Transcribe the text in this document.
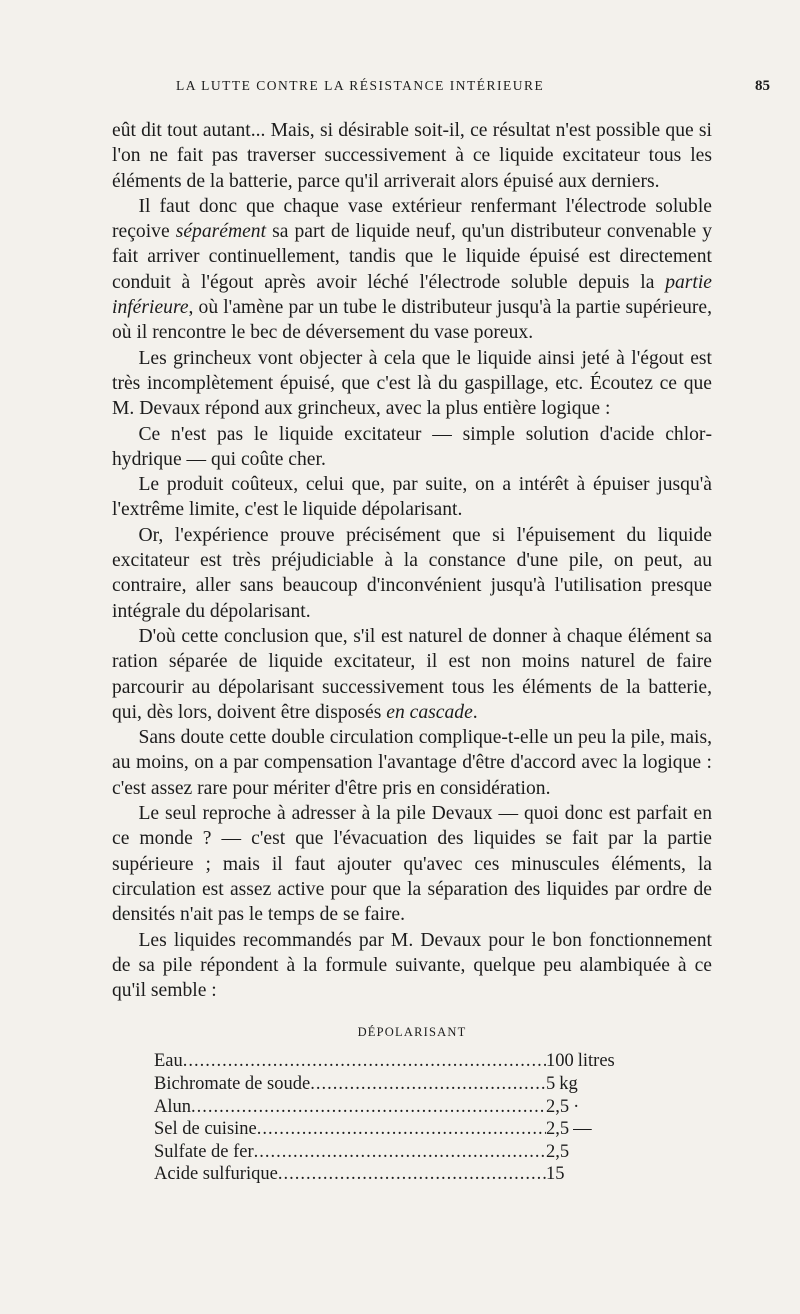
LA LUTTE CONTRE LA RÉSISTANCE INTÉRIEURE	85

eût dit tout autant... Mais, si désirable soit-il, ce résultat n'est possible que si l'on ne fait pas traverser successivement à ce liquide excitateur tous les éléments de la batterie, parce qu'il arriverait alors épuisé aux derniers.

Il faut donc que chaque vase extérieur renfermant l'électrode soluble reçoive séparément sa part de liquide neuf, qu'un distributeur convenable y fait arriver continuellement, tandis que le liquide épuisé est directement conduit à l'égout après avoir léché l'électrode soluble depuis la partie inférieure, où l'amène par un tube le distributeur jusqu'à la partie supérieure, où il rencontre le bec de déversement du vase poreux.

Les grincheux vont objecter à cela que le liquide ainsi jeté à l'égout est très incomplètement épuisé, que c'est là du gaspillage, etc. Écoutez ce que M. Devaux répond aux grincheux, avec la plus entière logique :

Ce n'est pas le liquide excitateur — simple solution d'acide chlorhydrique — qui coûte cher.

Le produit coûteux, celui que, par suite, on a intérêt à épuiser jusqu'à l'extrême limite, c'est le liquide dépolarisant.

Or, l'expérience prouve précisément que si l'épuisement du liquide excitateur est très préjudiciable à la constance d'une pile, on peut, au contraire, aller sans beaucoup d'inconvénient jusqu'à l'utilisation presque intégrale du dépolarisant.

D'où cette conclusion que, s'il est naturel de donner à chaque élément sa ration séparée de liquide excitateur, il est non moins naturel de faire parcourir au dépolarisant successivement tous les éléments de la batterie, qui, dès lors, doivent être disposés en cascade.

Sans doute cette double circulation complique-t-elle un peu la pile, mais, au moins, on a par compensation l'avantage d'être d'accord avec la logique : c'est assez rare pour mériter d'être pris en considération.

Le seul reproche à adresser à la pile Devaux — quoi donc est parfait en ce monde ? — c'est que l'évacuation des liquides se fait par la partie supérieure ; mais il faut ajouter qu'avec ces minuscules éléments, la circulation est assez active pour que la séparation des liquides par ordre de densités n'ait pas le temps de se faire.

Les liquides recommandés par M. Devaux pour le bon fonctionnement de sa pile répondent à la formule suivante, quelque peu alambiquée à ce qu'il semble :

DÉPOLARISANT
Eau .....	100 litres
Bichromate de soude .....	5 kg
Alun .....	2,5 ·
Sel de cuisine .....	2,5 —
Sulfate de fer .....	2,5
Acide sulfurique .....	15
